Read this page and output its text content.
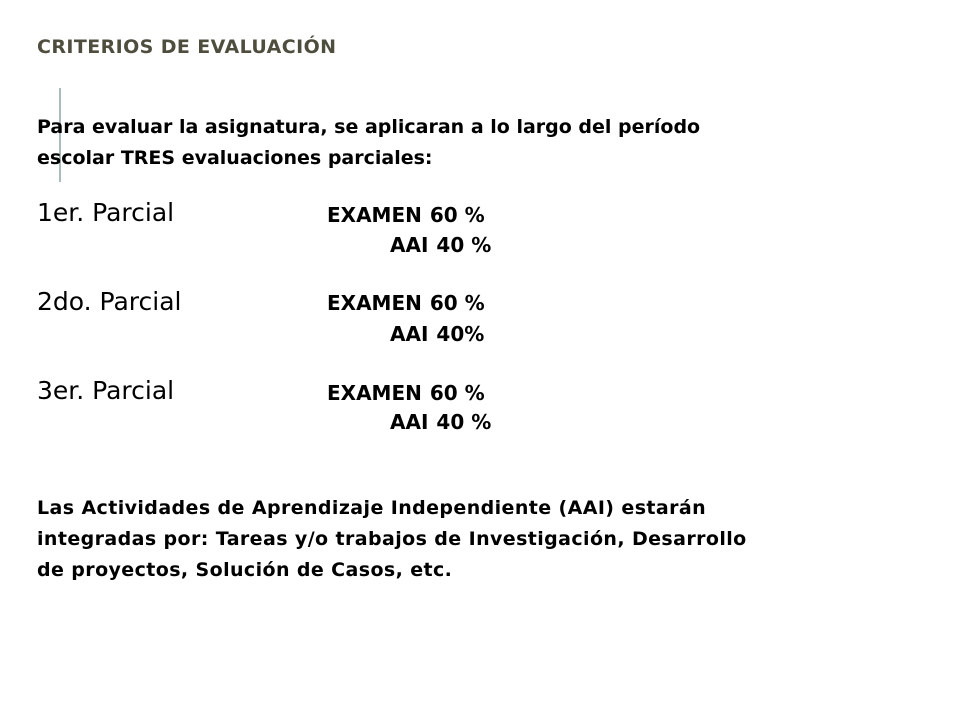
CRITERIOS DE EVALUACIÓN
Para evaluar la asignatura, se aplicaran a lo largo del período
escolar TRES evaluaciones parciales:
1er. Parcial	EXAMEN 60 %
AAI 40 %
2do. Parcial	EXAMEN 60 %
AAI 40%
3er. Parcial	EXAMEN 60 %
AAI 40 %
Las Actividades de Aprendizaje Independiente (AAI) estarán
integradas por: Tareas y/o trabajos de Investigación, Desarrollo
de proyectos, Solución de Casos, etc.
